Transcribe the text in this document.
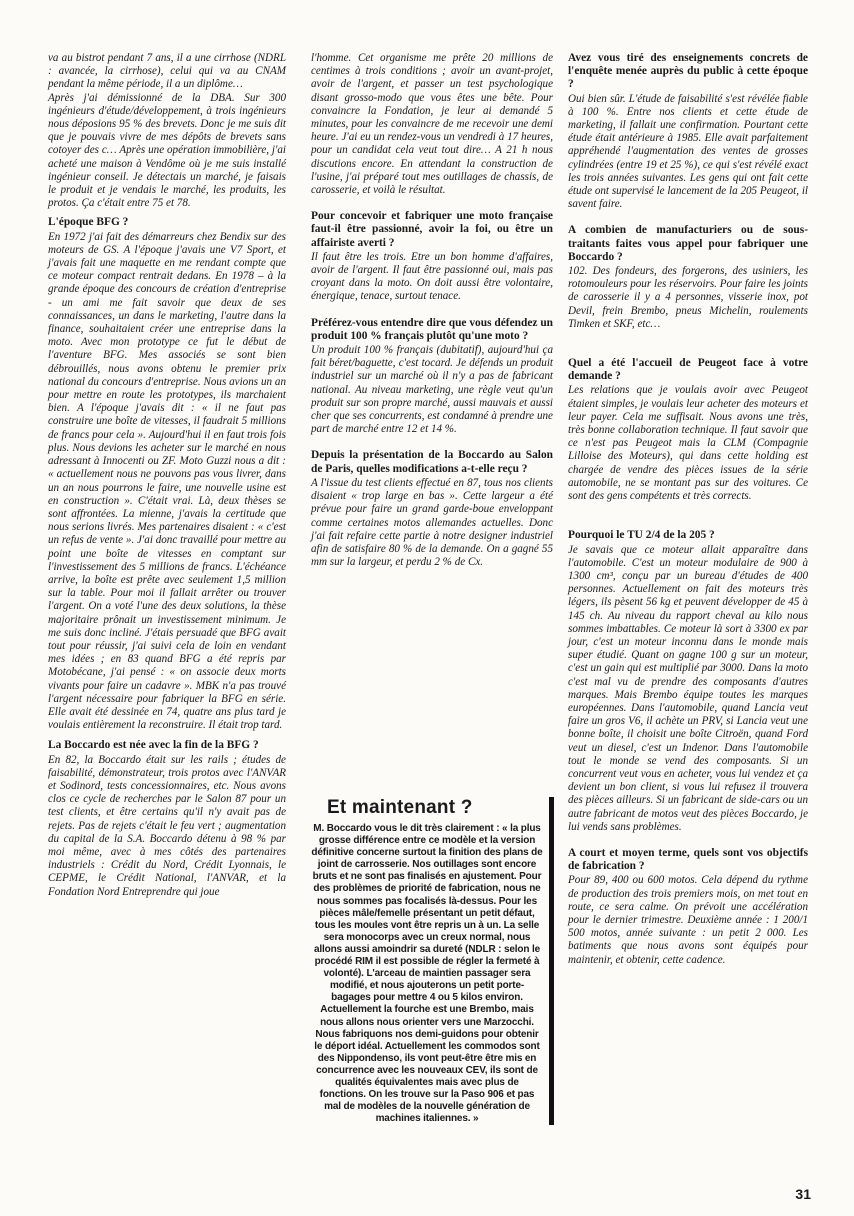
va au bistrot pendant 7 ans, il a une cirrhose (NDRL : avancée, la cirrhose), celui qui va au CNAM pendant la même période, il a un diplôme…

Après j'ai démissionné de la DBA. Sur 300 ingénieurs d'étude/développement, à trois ingénieurs nous déposions 95 % des brevets. Donc je me suis dit que je pouvais vivre de mes dépôts de brevets sans cotoyer des c… Après une opération immobilière, j'ai acheté une maison à Vendôme où je me suis installé ingénieur conseil. Je détectais un marché, je faisais le produit et je vendais le marché, les produits, les protos. Ça c'était entre 75 et 78.

L'époque BFG ?

En 1972 j'ai fait des démarreurs chez Bendix sur des moteurs de GS. A l'époque j'avais une V7 Sport, et j'avais fait une maquette en me rendant compte que ce moteur compact rentrait dedans. En 1978 – à la grande époque des concours de création d'entreprise - un ami me fait savoir que deux de ses connaissances, un dans le marketing, l'autre dans la finance, souhaitaient créer une entreprise dans la moto. Avec mon prototype ce fut le début de l'aventure BFG. Mes associés se sont bien débrouillés, nous avons obtenu le premier prix national du concours d'entreprise. Nous avions un an pour mettre en route les prototypes, ils marchaient bien. A l'époque j'avais dit : « il ne faut pas construire une boîte de vitesses, il faudrait 5 millions de francs pour cela ». Aujourd'hui il en faut trois fois plus. Nous devions les acheter sur le marché en nous adressant à Innocenti ou ZF. Moto Guzzi nous a dit : « actuellement nous ne pouvons pas vous livrer, dans un an nous pourrons le faire, une nouvelle usine est en construction ». C'était vrai. Là, deux thèses se sont affrontées. La mienne, j'avais la certitude que nous serions livrés. Mes partenaires disaient : « c'est un refus de vente ». J'ai donc travaillé pour mettre au point une boîte de vitesses en comptant sur l'investissement des 5 millions de francs. L'échéance arrive, la boîte est prête avec seulement 1,5 million sur la table. Pour moi il fallait arrêter ou trouver l'argent. On a voté l'une des deux solutions, la thèse majoritaire prônait un investissement minimum. Je me suis donc incliné. J'étais persuadé que BFG avait tout pour réussir, j'ai suivi cela de loin en vendant mes idées ; en 83 quand BFG a été repris par Motobécane, j'ai pensé : « on associe deux morts vivants pour faire un cadavre ». MBK n'a pas trouvé l'argent nécessaire pour fabriquer la BFG en série. Elle avait été dessinée en 74, quatre ans plus tard je voulais entièrement la reconstruire. Il était trop tard.

La Boccardo est née avec la fin de la BFG ?

En 82, la Boccardo était sur les rails ; études de faisabilité, démonstrateur, trois protos avec l'ANVAR et Sodinord, tests concessionnaires, etc. Nous avons clos ce cycle de recherches par le Salon 87 pour un test clients, et être certains qu'il n'y avait pas de rejets. Pas de rejets c'était le feu vert ; augmentation du capital de la S.A. Boccardo détenu à 98 % par moi même, avec à mes côtés des partenaires industriels : Crédit du Nord, Crédit Lyonnais, le CEPME, le Crédit National, l'ANVAR, et la Fondation Nord Entreprendre qui joue

l'homme. Cet organisme me prête 20 millions de centimes à trois conditions ; avoir un avant-projet, avoir de l'argent, et passer un test psychologique disant grosso-modo que vous êtes une bête. Pour convaincre la Fondation, je leur ai demandé 5 minutes, pour les convaincre de me recevoir une demi heure. J'ai eu un rendez-vous un vendredi à 17 heures, pour un candidat cela veut tout dire… A 21 h nous discutions encore. En attendant la construction de l'usine, j'ai préparé tout mes outillages de chassis, de carosserie, et voilà le résultat.

Pour concevoir et fabriquer une moto française faut-il être passionné, avoir la foi, ou être un affairiste averti ?

Il faut être les trois. Etre un bon homme d'affaires, avoir de l'argent. Il faut être passionné oui, mais pas croyant dans la moto. On doit aussi être volontaire, énergique, tenace, surtout tenace.

Préférez-vous entendre dire que vous défendez un produit 100 % français plutôt qu'une moto ?

Un produit 100 % français (dubitatif), aujourd'hui ça fait béret/baguette, c'est tocard. Je défends un produit industriel sur un marché où il n'y a pas de fabricant national. Au niveau marketing, une règle veut qu'un produit sur son propre marché, aussi mauvais et aussi cher que ses concurrents, est condamné à prendre une part de marché entre 12 et 14 %.

Depuis la présentation de la Boccardo au Salon de Paris, quelles modifications a-t-elle reçu ?

A l'issue du test clients effectué en 87, tous nos clients disaient « trop large en bas ». Cette largeur a été prévue pour faire un grand garde-boue enveloppant comme certaines motos allemandes actuelles. Donc j'ai fait refaire cette partie à notre designer industriel afin de satisfaire 80 % de la demande. On a gagné 55 mm sur la largeur, et perdu 2 % de Cx.

Et maintenant ?

M. Boccardo vous le dit très clairement : « la plus grosse différence entre ce modèle et la version définitive concerne surtout la finition des plans de joint de carrosserie. Nos outillages sont encore bruts et ne sont pas finalisés en ajustement. Pour des problèmes de priorité de fabrication, nous ne nous sommes pas focalisés là-dessus. Pour les pièces mâle/femelle présentant un petit défaut, tous les moules vont être repris un à un. La selle sera monocorps avec un creux normal, nous allons aussi amoindrir sa dureté (NDLR : selon le procédé RIM il est possible de régler la fermeté à volonté). L'arceau de maintien passager sera modifié, et nous ajouterons un petit porte-bagages pour mettre 4 ou 5 kilos environ. Actuellement la fourche est une Brembo, mais nous allons nous orienter vers une Marzocchi. Nous fabriquons nos demi-guidons pour obtenir le déport idéal. Actuellement les commodos sont des Nippondenso, ils vont peut-être être mis en concurrence avec les nouveaux CEV, ils sont de qualités équivalentes mais avec plus de fonctions. On les trouve sur la Paso 906 et pas mal de modèles de la nouvelle génération de machines italiennes. »

Avez vous tiré des enseignements concrets de l'enquête menée auprès du public à cette époque ?

Oui bien sûr. L'étude de faisabilité s'est révélée fiable à 100 %. Entre nos clients et cette étude de marketing, il fallait une confirmation. Pourtant cette étude était antérieure à 1985. Elle avait parfaitement appréhendé l'augmentation des ventes de grosses cylindrées (entre 19 et 25 %), ce qui s'est révélé exact les trois années suivantes. Les gens qui ont fait cette étude ont supervisé le lancement de la 205 Peugeot, il savent faire.

A combien de manufacturiers ou de sous-traitants faites vous appel pour fabriquer une Boccardo ?

102. Des fondeurs, des forgerons, des usiniers, les rotomouleurs pour les réservoirs. Pour faire les joints de carosserie il y a 4 personnes, visserie inox, pot Devil, frein Brembo, pneus Michelin, roulements Timken et SKF, etc…

Quel a été l'accueil de Peugeot face à votre demande ?

Les relations que je voulais avoir avec Peugeot étaient simples, je voulais leur acheter des moteurs et leur payer. Cela me suffisait. Nous avons une très, très bonne collaboration technique. Il faut savoir que ce n'est pas Peugeot mais la CLM (Compagnie Lilloise des Moteurs), qui dans cette holding est chargée de vendre des pièces issues de la série automobile, ne se montant pas sur des voitures. Ce sont des gens compétents et très corrects.

Pourquoi le TU 2/4 de la 205 ?

Je savais que ce moteur allait apparaître dans l'automobile. C'est un moteur modulaire de 900 à 1300 cm³, conçu par un bureau d'études de 400 personnes. Actuellement on fait des moteurs très légers, ils pèsent 56 kg et peuvent développer de 45 à 145 ch. Au niveau du rapport cheval au kilo nous sommes imbattables. Ce moteur là sort à 3300 ex par jour, c'est un moteur inconnu dans le monde mais super étudié. Quant on gagne 100 g sur un moteur, c'est un gain qui est multiplié par 3000. Dans la moto c'est mal vu de prendre des composants d'autres marques. Mais Brembo équipe toutes les marques européennes. Dans l'automobile, quand Lancia veut faire un gros V6, il achète un PRV, si Lancia veut une bonne boîte, il choisit une boîte Citroën, quand Ford veut un diesel, c'est un Indenor. Dans l'automobile tout le monde se vend des composants. Si un concurrent veut vous en acheter, vous lui vendez et ça devient un bon client, si vous lui refusez il trouvera des pièces ailleurs. Si un fabricant de side-cars ou un autre fabricant de motos veut des pièces Boccardo, je lui vends sans problèmes.

A court et moyen terme, quels sont vos objectifs de fabrication ?

Pour 89, 400 ou 600 motos. Cela dépend du rythme de production des trois premiers mois, on met tout en route, ce sera calme. On prévoit une accélération pour le dernier trimestre. Deuxième année : 1 200/1 500 motos, année suivante : un petit 2 000. Les batiments que nous avons sont équipés pour maintenir, et obtenir, cette cadence.

31
